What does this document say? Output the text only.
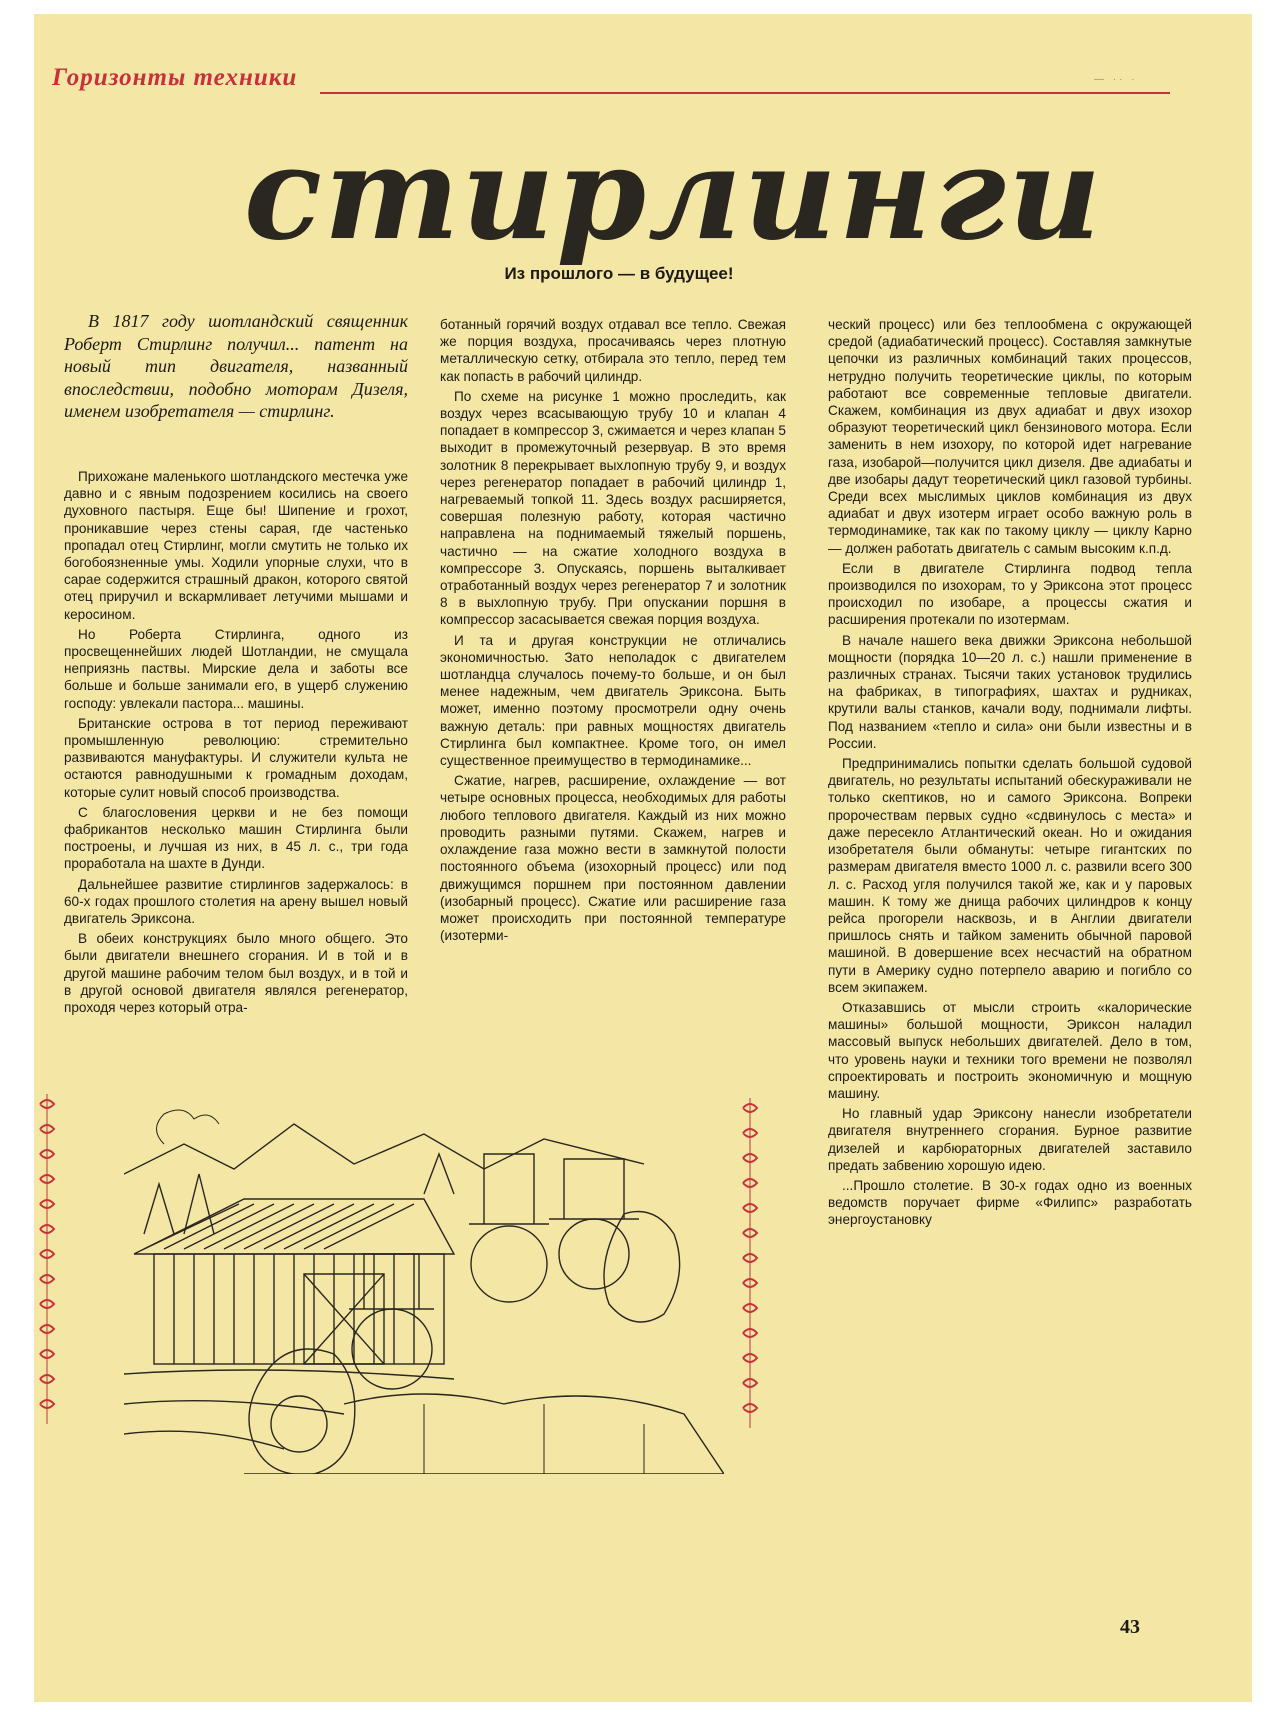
Горизонты техники	— ·· ·
стирлинги
Из прошлого — в будущее!
В 1817 году шотландский священник Роберт Стирлинг получил... патент на новый тип двигателя, названный впоследствии, подобно моторам Дизеля, именем изобретателя — стирлинг.

Прихожане маленького шотландского местечка уже давно и с явным подозрением косились на своего духовного пастыря. Еще бы! Шипение и грохот, проникавшие через стены сарая, где частенько пропадал отец Стирлинг, могли смутить не только их богобоязненные умы. Ходили упорные слухи, что в сарае содержится страшный дракон, которого святой отец приручил и вскармливает летучими мышами и керосином.

Но Роберта Стирлинга, одного из просвещеннейших людей Шотландии, не смущала неприязнь паствы. Мирские дела и заботы все больше и больше занимали его, в ущерб служению господу: увлекали пастора... машины.

Британские острова в тот период переживают промышленную революцию: стремительно развиваются мануфактуры. И служители культа не остаются равнодушными к громадным доходам, которые сулит новый способ производства.

С благословения церкви и не без помощи фабрикантов несколько машин Стирлинга были построены, и лучшая из них, в 45 л. с., три года проработала на шахте в Дунди.

Дальнейшее развитие стирлингов задержалось: в 60-х годах прошлого столетия на арену вышел новый двигатель Эриксона.

В обеих конструкциях было много общего. Это были двигатели внешнего сгорания. И в той и в другой машине рабочим телом был воздух, и в той и в другой основой двигателя являлся регенератор, проходя через который отра-

ботанный горячий воздух отдавал все тепло. Свежая же порция воздуха, просачиваясь через плотную металлическую сетку, отбирала это тепло, перед тем как попасть в рабочий цилиндр.

По схеме на рисунке 1 можно проследить, как воздух через всасывающую трубу 10 и клапан 4 попадает в компрессор 3, сжимается и через клапан 5 выходит в промежуточный резервуар. В это время золотник 8 перекрывает выхлопную трубу 9, и воздух через регенератор попадает в рабочий цилиндр 1, нагреваемый топкой 11. Здесь воздух расширяется, совершая полезную работу, которая частично направлена на поднимаемый тяжелый поршень, частично — на сжатие холодного воздуха в компрессоре 3. Опускаясь, поршень выталкивает отработанный воздух через регенератор 7 и золотник 8 в выхлопную трубу. При опускании поршня в компрессор засасывается свежая порция воздуха.

И та и другая конструкции не отличались экономичностью. Зато неполадок с двигателем шотландца случалось почему-то больше, и он был менее надежным, чем двигатель Эриксона. Быть может, именно поэтому просмотрели одну очень важную деталь: при равных мощностях двигатель Стирлинга был компактнее. Кроме того, он имел существенное преимущество в термодинамике...

Сжатие, нагрев, расширение, охлаждение — вот четыре основных процесса, необходимых для работы любого теплового двигателя. Каждый из них можно проводить разными путями. Скажем, нагрев и охлаждение газа можно вести в замкнутой полости постоянного объема (изохорный процесс) или под движущимся поршнем при постоянном давлении (изобарный процесс). Сжатие или расширение газа может происходить при постоянной температуре (изотерми-

ческий процесс) или без теплообмена с окружающей средой (адиабатический процесс). Составляя замкнутые цепочки из различных комбинаций таких процессов, нетрудно получить теоретические циклы, по которым работают все современные тепловые двигатели. Скажем, комбинация из двух адиабат и двух изохор образуют теоретический цикл бензинового мотора. Если заменить в нем изохору, по которой идет нагревание газа, изобарой—получится цикл дизеля. Две адиабаты и две изобары дадут теоретический цикл газовой турбины. Среди всех мыслимых циклов комбинация из двух адиабат и двух изотерм играет особо важную роль в термодинамике, так как по такому циклу — циклу Карно — должен работать двигатель с самым высоким к.п.д.

Если в двигателе Стирлинга подвод тепла производился по изохорам, то у Эриксона этот процесс происходил по изобаре, а процессы сжатия и расширения протекали по изотермам.

В начале нашего века движки Эриксона небольшой мощности (порядка 10—20 л. с.) нашли применение в различных странах. Тысячи таких установок трудились на фабриках, в типографиях, шахтах и рудниках, крутили валы станков, качали воду, поднимали лифты. Под названием «тепло и сила» они были известны и в России.

Предпринимались попытки сделать большой судовой двигатель, но результаты испытаний обескураживали не только скептиков, но и самого Эриксона. Вопреки пророчествам первых судно «сдвинулось с места» и даже пересекло Атлантический океан. Но и ожидания изобретателя были обмануты: четыре гигантских по размерам двигателя вместо 1000 л. с. развили всего 300 л. с. Расход угля получился такой же, как и у паровых машин. К тому же днища рабочих цилиндров к концу рейса прогорели насквозь, и в Англии двигатели пришлось снять и тайком заменить обычной паровой машиной. В довершение всех несчастий на обратном пути в Америку судно потерпело аварию и погибло со всем экипажем.

Отказавшись от мысли строить «калорические машины» большой мощности, Эриксон наладил массовый выпуск небольших двигателей. Дело в том, что уровень науки и техники того времени не позволял спроектировать и построить экономичную и мощную машину.

Но главный удар Эриксону нанесли изобретатели двигателя внутреннего сгорания. Бурное развитие дизелей и карбюраторных двигателей заставило предать забвению хорошую идею.

...Прошло столетие. В 30-х годах одно из военных ведомств поручает фирме «Филипс» разработать энергоустановку

43
